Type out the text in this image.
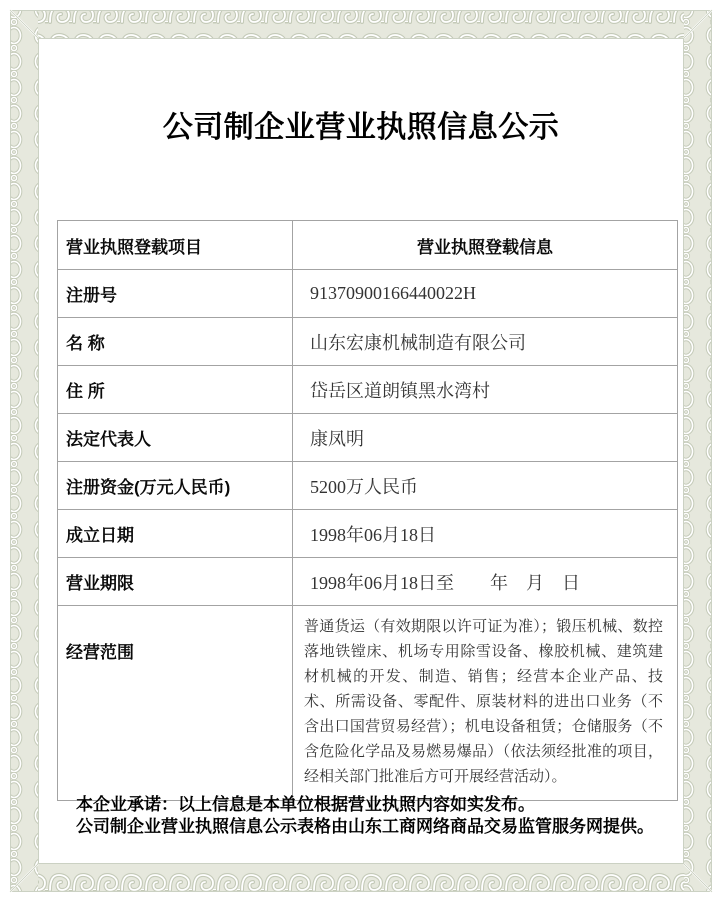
公司制企业营业执照信息公示
营业执照登载项目	营业执照登载信息
注册号	91370900166440022H
名 称	山东宏康机械制造有限公司
住 所	岱岳区道朗镇黑水湾村
法定代表人	康凤明
注册资金(万元人民币)	5200万人民币
成立日期	1998年06月18日
营业期限	1998年06月18日至　　年　月　日
经营范围	普通货运（有效期限以许可证为准）；锻压机械、数控落地铁镗床、机场专用除雪设备、橡胶机械、建筑建材机械的开发、制造、销售；经营本企业产品、技术、所需设备、零配件、原装材料的进出口业务（不含出口国营贸易经营）；机电设备租赁；仓储服务（不含危险化学品及易燃易爆品）（依法须经批准的项目，经相关部门批准后方可开展经营活动）。

本企业承诺：以上信息是本单位根据营业执照内容如实发布。

公司制企业营业执照信息公示表格由山东工商网络商品交易监管服务网提供。
